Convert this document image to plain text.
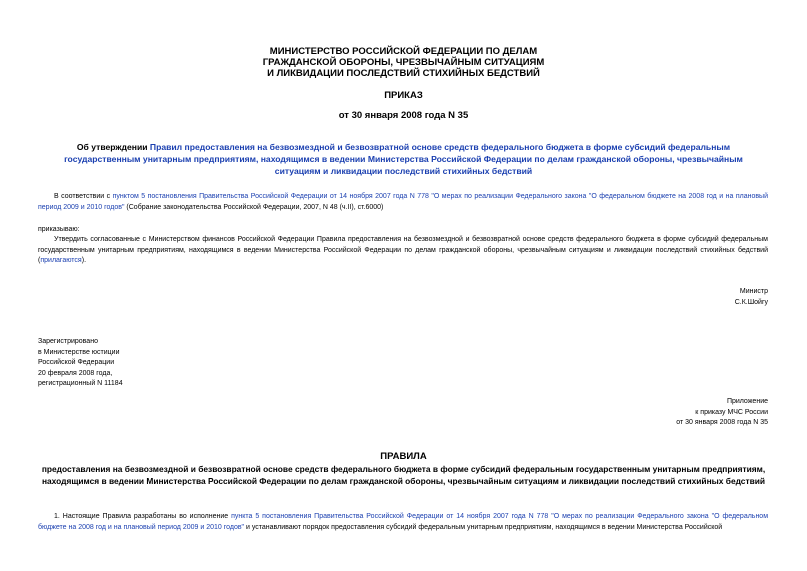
МИНИСТЕРСТВО РОССИЙСКОЙ ФЕДЕРАЦИИ ПО ДЕЛАМ
ГРАЖДАНСКОЙ ОБОРОНЫ, ЧРЕЗВЫЧАЙНЫМ СИТУАЦИЯМ
И ЛИКВИДАЦИИ ПОСЛЕДСТВИЙ СТИХИЙНЫХ БЕДСТВИЙ
ПРИКАЗ
от 30 января 2008 года N 35
Об утверждении Правил предоставления на безвозмездной и безвозвратной основе средств федерального бюджета в форме субсидий федеральным государственным унитарным предприятиям, находящимся в ведении Министерства Российской Федерации по делам гражданской обороны, чрезвычайным ситуациям и ликвидации последствий стихийных бедствий
В соответствии с пунктом 5 постановления Правительства Российской Федерации от 14 ноября 2007 года N 778 "О мерах по реализации Федерального закона "О федеральном бюджете на 2008 год и на плановый период 2009 и 2010 годов" (Собрание законодательства Российской Федерации, 2007, N 48 (ч.II), ст.6000)
приказываю:
Утвердить согласованные с Министерством финансов Российской Федерации Правила предоставления на безвозмездной и безвозвратной основе средств федерального бюджета в форме субсидий федеральным государственным унитарным предприятиям, находящимся в ведении Министерства Российской Федерации по делам гражданской обороны, чрезвычайным ситуациям и ликвидации последствий стихийных бедствий (прилагаются).
Министр
С.К.Шойгу
Зарегистрировано
в Министерстве юстиции
Российской Федерации
20 февраля 2008 года,
регистрационный N 11184
Приложение
к приказу МЧС России
от 30 января 2008 года N 35
ПРАВИЛА
предоставления на безвозмездной и безвозвратной основе средств федерального бюджета в форме субсидий федеральным государственным унитарным предприятиям, находящимся в ведении Министерства Российской Федерации по делам гражданской обороны, чрезвычайным ситуациям и ликвидации последствий стихийных бедствий
1. Настоящие Правила разработаны во исполнение пункта 5 постановления Правительства Российской Федерации от 14 ноября 2007 года N 778 "О мерах по реализации Федерального закона "О федеральном бюджете на 2008 год и на плановый период 2009 и 2010 годов" и устанавливают порядок предоставления субсидий федеральным унитарным предприятиям, находящимся в ведении Министерства Российской
